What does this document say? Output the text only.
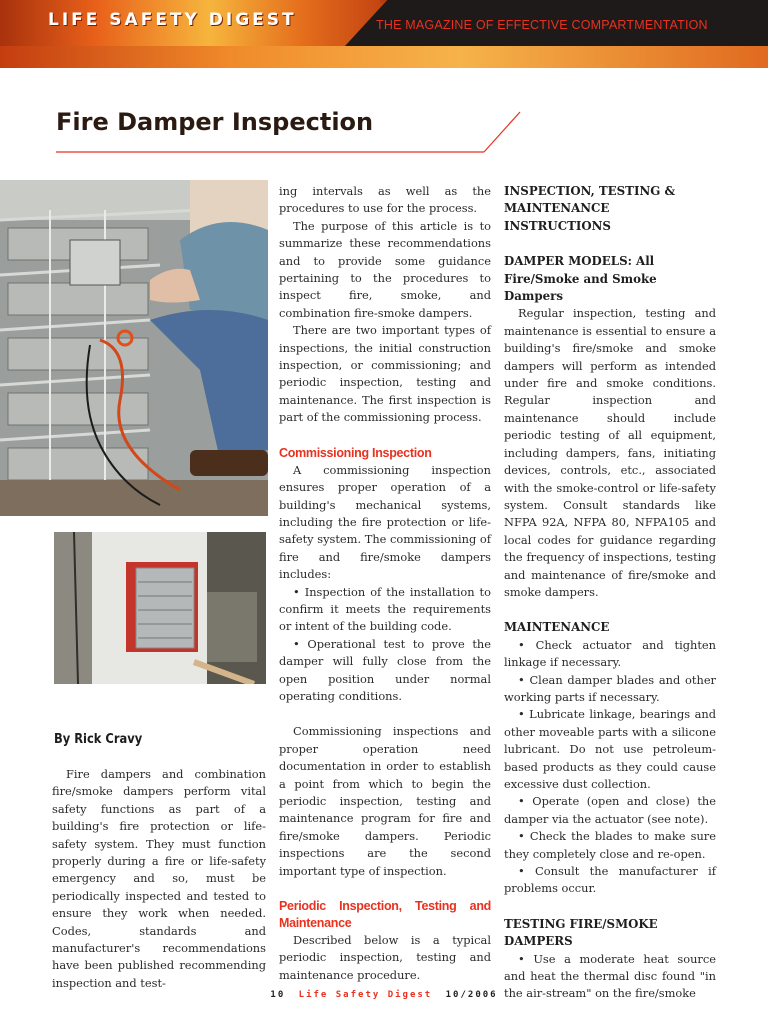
LIFE SAFETY DIGEST	THE MAGAZINE OF EFFECTIVE COMPARTMENTATION
Fire Damper Inspection
By Rick Cravy

Fire dampers and combination fire/smoke dampers perform vital safety functions as part of a building's fire protection or life-safety system. They must function properly during a fire or life-safety emergency and so, must be periodically inspected and tested to ensure they work when needed. Codes, standards and manufacturer's recommendations have been published recommending inspection and test-

ing intervals as well as the procedures to use for the process.

The purpose of this article is to summarize these recommendations and to provide some guidance pertaining to the procedures to inspect fire, smoke, and combination fire-smoke dampers.

There are two important types of inspections, the initial construction inspection, or commissioning; and periodic inspection, testing and maintenance. The first inspection is part of the commissioning process.

Commissioning Inspection

A commissioning inspection ensures proper operation of a building's mechanical systems, including the fire protection or life-safety system. The commissioning of fire and fire/smoke dampers includes:

• Inspection of the installation to confirm it meets the requirements or intent of the building code.

• Operational test to prove the damper will fully close from the open position under normal operating conditions.

Commissioning inspections and proper operation need documentation in order to establish a point from which to begin the periodic inspection, testing and maintenance program for fire and fire/smoke dampers. Periodic inspections are the second important type of inspection.

Periodic Inspection, Testing and Maintenance

Described below is a typical periodic inspection, testing and maintenance procedure.

INSPECTION, TESTING & MAINTENANCE INSTRUCTIONS
DAMPER MODELS: All Fire/Smoke and Smoke Dampers

Regular inspection, testing and maintenance is essential to ensure a building's fire/smoke and smoke dampers will perform as intended under fire and smoke conditions. Regular inspection and maintenance should include periodic testing of all equipment, including dampers, fans, initiating devices, controls, etc., associated with the smoke-control or life-safety system. Consult standards like NFPA 92A, NFPA 80, NFPA105 and local codes for guidance regarding the frequency of inspections, testing and maintenance of fire/smoke and smoke dampers.

MAINTENANCE

• Check actuator and tighten linkage if necessary.

• Clean damper blades and other working parts if necessary.

• Lubricate linkage, bearings and other moveable parts with a silicone lubricant. Do not use petroleum-based products as they could cause excessive dust collection.

• Operate (open and close) the damper via the actuator (see note).

• Check the blades to make sure they completely close and re-open.

• Consult the manufacturer if problems occur.

TESTING FIRE/SMOKE DAMPERS

• Use a moderate heat source and heat the thermal disc found "in the air-stream" on the fire/smoke

10 Life Safety Digest 10/2006
